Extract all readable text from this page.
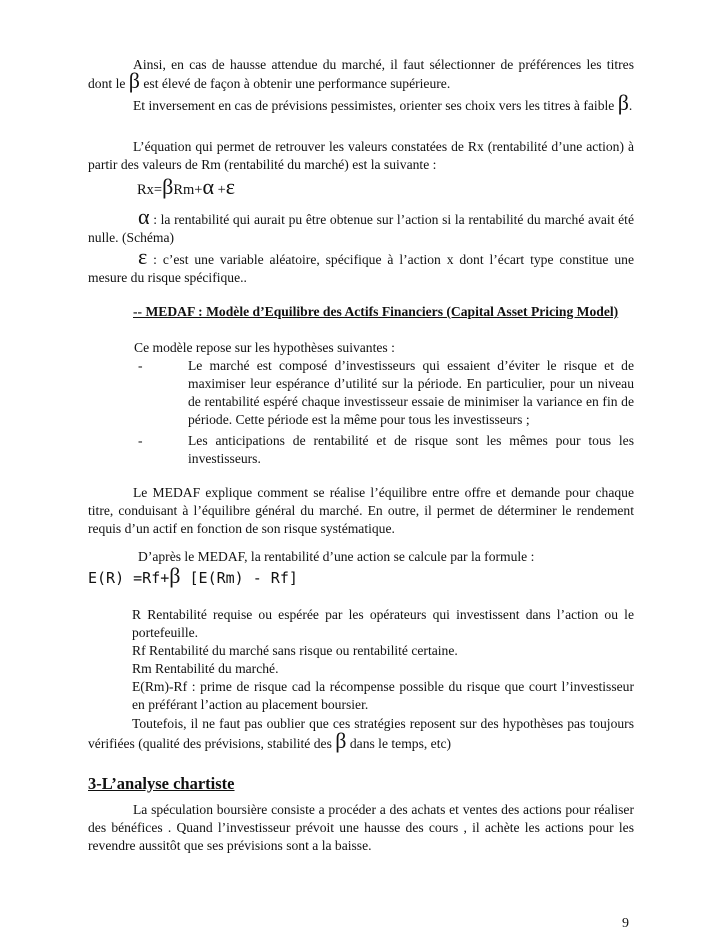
Ainsi, en cas de hausse attendue du marché, il faut sélectionner de préférences les titres dont le β est élevé de façon à obtenir une performance supérieure.

Et inversement en cas de prévisions pessimistes, orienter ses choix vers les titres à faible β.

L’équation qui permet de retrouver les valeurs constatées de Rx (rentabilité d’une action) à partir des valeurs de Rm (rentabilité du marché) est la suivante :

Rx=βRm+α +ε

α : la rentabilité qui aurait pu être obtenue sur l’action si la rentabilité du marché avait été nulle. (Schéma)

ε : c’est une variable aléatoire, spécifique à l’action x dont l’écart type constitue une mesure du risque spécifique..

-- MEDAF : Modèle d’Equilibre des Actifs Financiers (Capital Asset Pricing Model)

Ce modèle repose sur les hypothèses suivantes :

-	Le marché est composé d’investisseurs qui essaient d’éviter le risque et de maximiser leur espérance d’utilité sur la période. En particulier, pour un niveau de rentabilité espéré chaque investisseur essaie de minimiser la variance en fin de période. Cette période est la même pour tous les investisseurs ;
-	Les anticipations de rentabilité et de risque sont les mêmes pour tous les investisseurs.

Le MEDAF explique comment se réalise l’équilibre entre offre et demande pour chaque titre, conduisant à l’équilibre général du marché. En outre, il permet de déterminer le rendement requis d’un actif en fonction de son risque systématique.

D’après le MEDAF, la rentabilité d’une action se calcule par la formule :

E(R) =Rf+β [E(Rm) - Rf]

R Rentabilité requise ou espérée par les opérateurs qui investissent dans l’action ou le portefeuille.

Rf Rentabilité du marché sans risque ou rentabilité certaine.

Rm Rentabilité du marché.

E(Rm)-Rf : prime de risque cad la récompense possible du risque que court l’investisseur en préférant l’action au placement boursier.

Toutefois, il ne faut pas oublier que ces stratégies reposent sur des hypothèses pas toujours vérifiées (qualité des prévisions, stabilité des β dans le temps, etc)

3-L’analyse chartiste

La spéculation boursière consiste a procéder a des achats et ventes des actions pour réaliser des bénéfices . Quand l’investisseur prévoit une hausse des cours , il achète les actions pour les revendre aussitôt que ses prévisions sont a la baisse.

9
